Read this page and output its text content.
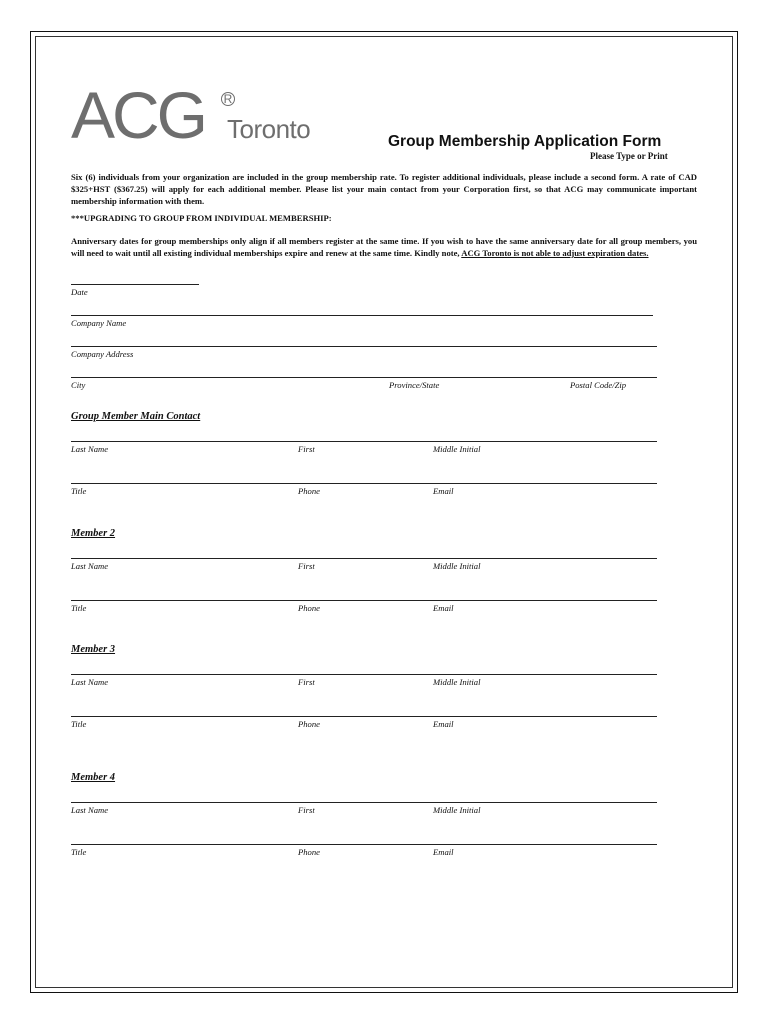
ACG R
Toronto	Group Membership Application Form
Please Type or Print
Six (6) individuals from your organization are included in the group membership rate. To register additional individuals, please include a second form. A rate of CAD $325+HST ($367.25) will apply for each additional member. Please list your main contact from your Corporation first, so that ACG may communicate important membership information with them.
***UPGRADING TO GROUP FROM INDIVIDUAL MEMBERSHIP:
Anniversary dates for group memberships only align if all members register at the same time. If you wish to have the same anniversary date for all group members, you will need to wait until all existing individual memberships expire and renew at the same time. Kindly note, ACG Toronto is not able to adjust expiration dates.
Date
Company Name
Company Address
City	Province/State	Postal Code/Zip
Group Member Main Contact
Last Name	First	Middle Initial
Title	Phone	Email
Member 2
Last Name	First	Middle Initial
Title	Phone	Email
Member 3
Last Name	First	Middle Initial
Title	Phone	Email
Member 4
Last Name	First	Middle Initial
Title	Phone	Email
